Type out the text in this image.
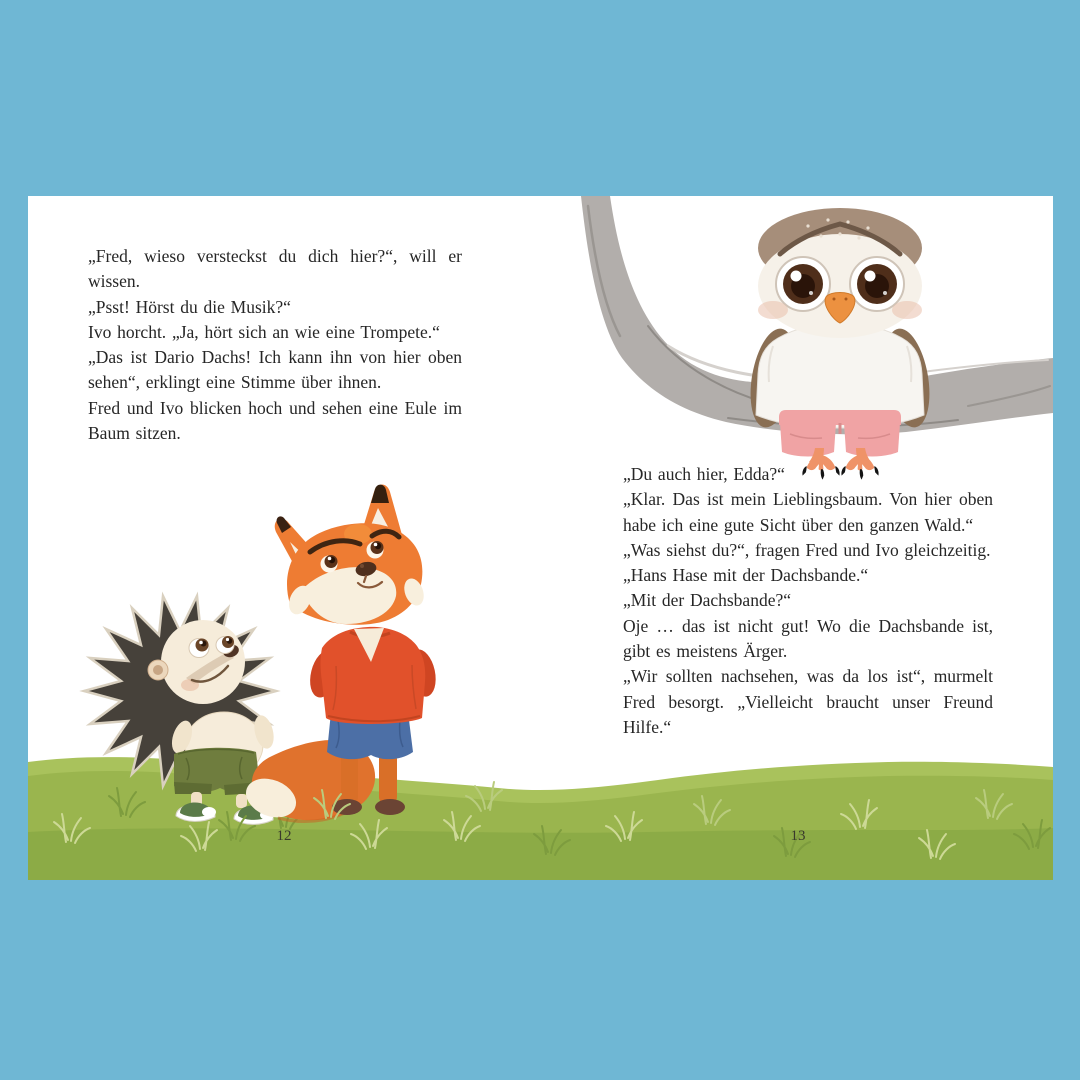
„Fred, wieso versteckst du dich hier?“, will er wissen.

„Psst! Hörst du die Musik?“

Ivo horcht. „Ja, hört sich an wie eine Trompete.“

„Das ist Dario Dachs! Ich kann ihn von hier oben sehen“, erklingt eine Stimme über ihnen.

Fred und Ivo blicken hoch und sehen eine Eule im Baum sitzen.

„Du auch hier, Edda?“

„Klar. Das ist mein Lieblingsbaum. Von hier oben habe ich eine gute Sicht über den ganzen Wald.“

„Was siehst du?“, fragen Fred und Ivo gleichzeitig.

„Hans Hase mit der Dachsbande.“

„Mit der Dachsbande?“

Oje … das ist nicht gut! Wo die Dachsbande ist, gibt es meistens Ärger.

„Wir sollten nachsehen, was da los ist“, murmelt Fred besorgt. „Vielleicht braucht unser Freund Hilfe.“

12	13
